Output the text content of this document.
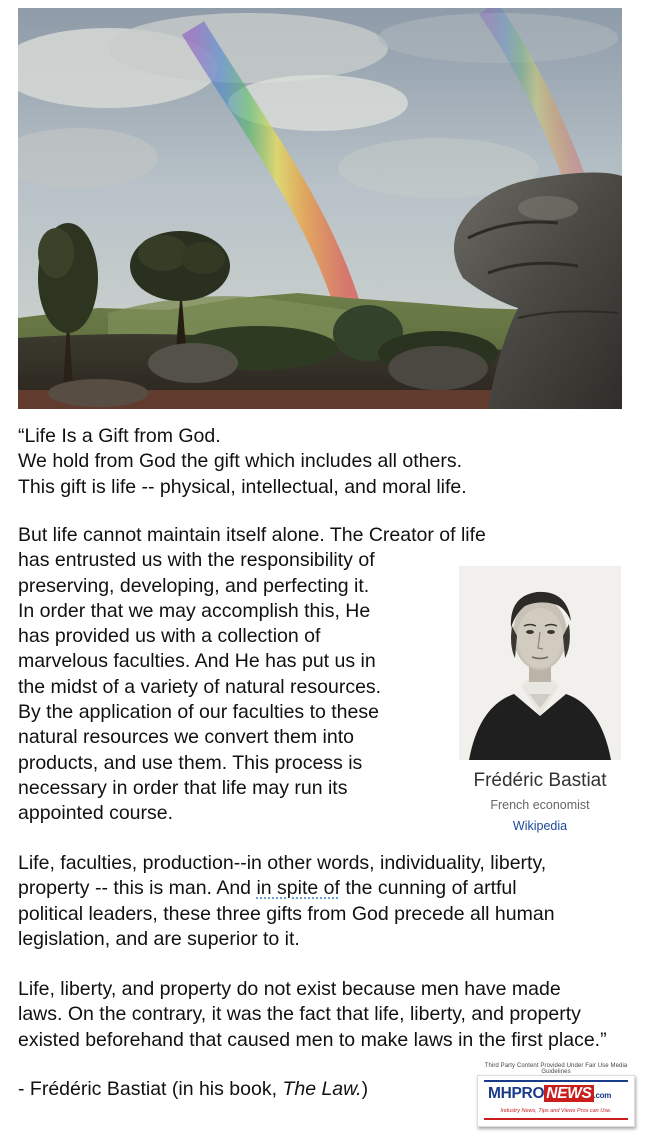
“Life Is a Gift from God.
We hold from God the gift which includes all others.
This gift is life -- physical, intellectual, and moral life.
But life cannot maintain itself alone. The Creator of life
has entrusted us with the responsibility of
preserving, developing, and perfecting it.
In order that we may accomplish this, He
has provided us with a collection of
marvelous faculties. And He has put us in
the midst of a variety of natural resources.
By the application of our faculties to these
natural resources we convert them into
products, and use them. This process is
necessary in order that life may run its
appointed course.
Frédéric Bastiat
French economist
Wikipedia
Life, faculties, production--in other words, individuality, liberty,
property -- this is man. And in spite of the cunning of artful
political leaders, these three gifts from God precede all human
legislation, and are superior to it.
Life, liberty, and property do not exist because men have made
laws. On the contrary, it was the fact that life, liberty, and property
existed beforehand that caused men to make laws in the first place.”
- Frédéric Bastiat (in his book, The Law.)
Third Party Content Provided Under Fair Use Media Guidelines
MHPRO NEWS .com
Industry News, Tips and Views Pros can Use.
